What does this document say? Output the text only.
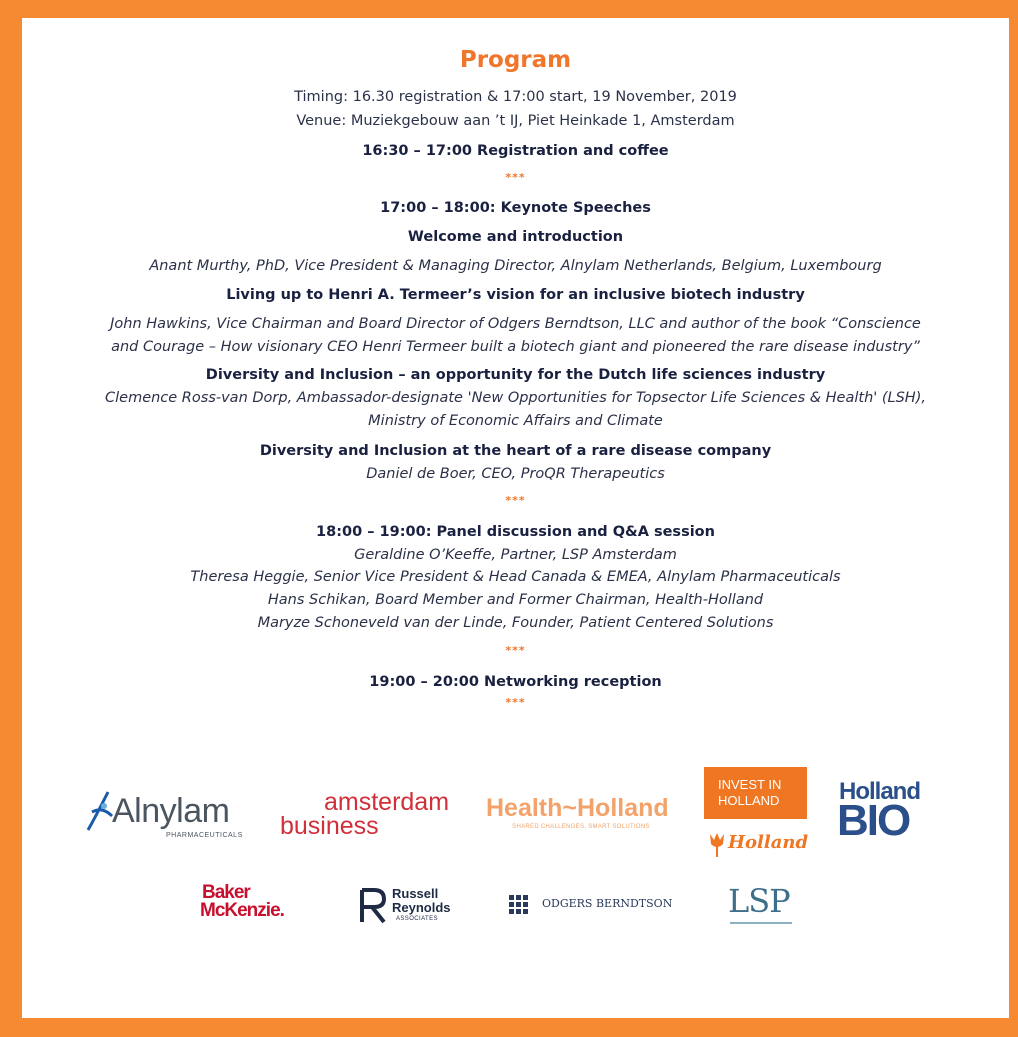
Program
Timing: 16.30 registration & 17:00 start, 19 November, 2019
Venue: Muziekgebouw aan ’t IJ, Piet Heinkade 1, Amsterdam
16:30 – 17:00 Registration and coffee
***
17:00 – 18:00: Keynote Speeches
Welcome and introduction
Anant Murthy, PhD, Vice President & Managing Director, Alnylam Netherlands, Belgium, Luxembourg
Living up to Henri A. Termeer’s vision for an inclusive biotech industry
John Hawkins, Vice Chairman and Board Director of Odgers Berndtson, LLC and author of the book “Conscience
and Courage – How visionary CEO Henri Termeer built a biotech giant and pioneered the rare disease industry”
Diversity and Inclusion – an opportunity for the Dutch life sciences industry
Clemence Ross-van Dorp, Ambassador-designate 'New Opportunities for Topsector Life Sciences & Health' (LSH),
Ministry of Economic Affairs and Climate
Diversity and Inclusion at the heart of a rare disease company
Daniel de Boer, CEO, ProQR Therapeutics
***
18:00 – 19:00: Panel discussion and Q&A session
Geraldine O’Keeffe, Partner, LSP Amsterdam
Theresa Heggie, Senior Vice President & Head Canada & EMEA, Alnylam Pharmaceuticals
Hans Schikan, Board Member and Former Chairman, Health-Holland
Maryze Schoneveld van der Linde, Founder, Patient Centered Solutions
***
19:00 – 20:00 Networking reception
***
Alnylam
PHARMACEUTICALS
amsterdam
business
Health~Holland
SHARED CHALLENGES, SMART SOLUTIONS
INVEST IN
HOLLAND
Holland
Holland
BIO
Baker
McKenzie.
Russell
Reynolds
ASSOCIATES
ODGERS BERNDTSON LSP
